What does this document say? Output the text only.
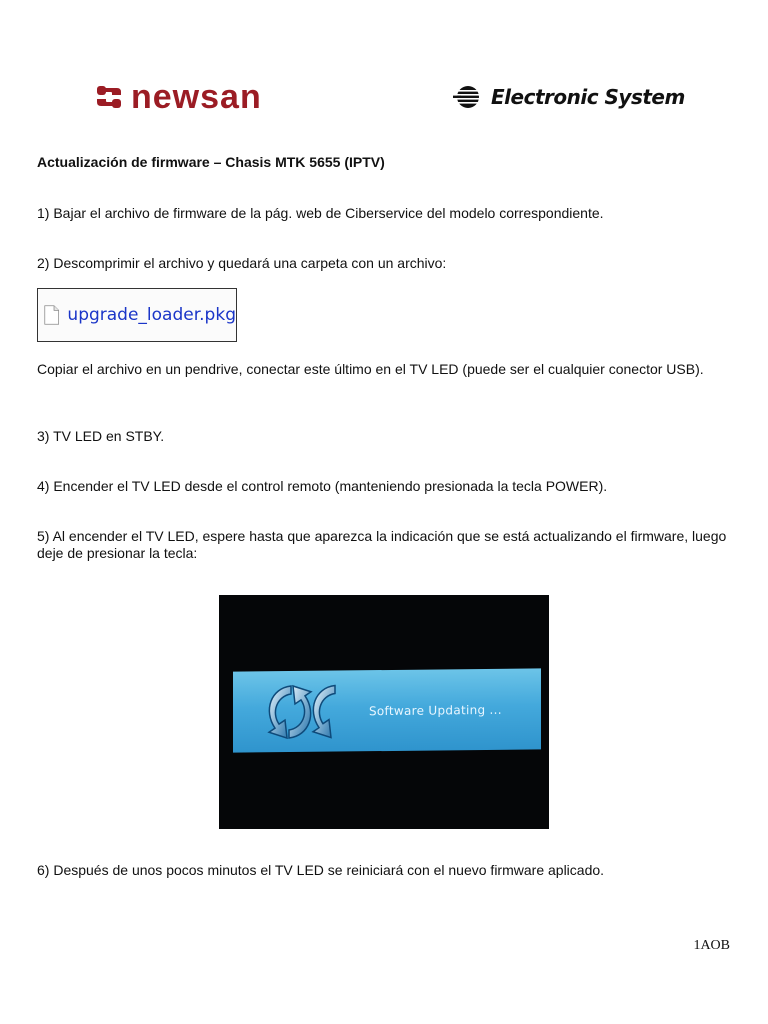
newsan	Electronic System

Actualización de firmware – Chasis MTK 5655 (IPTV)

1) Bajar el archivo de firmware de la pág. web de Ciberservice del modelo correspondiente.

2) Descomprimir el archivo y quedará una carpeta con un archivo:

upgrade_loader.pkg

Copiar el archivo en un pendrive, conectar este último en el TV LED (puede ser el cualquier conector USB).

3) TV LED en STBY.

4) Encender el TV LED desde el control remoto (manteniendo presionada la tecla POWER).

5) Al encender el TV LED, espere hasta que aparezca la indicación que se está actualizando el firmware, luego deje de presionar la tecla:

Software Updating ...

6) Después de unos pocos minutos el TV LED se reiniciará con el nuevo firmware aplicado.

1AOB
